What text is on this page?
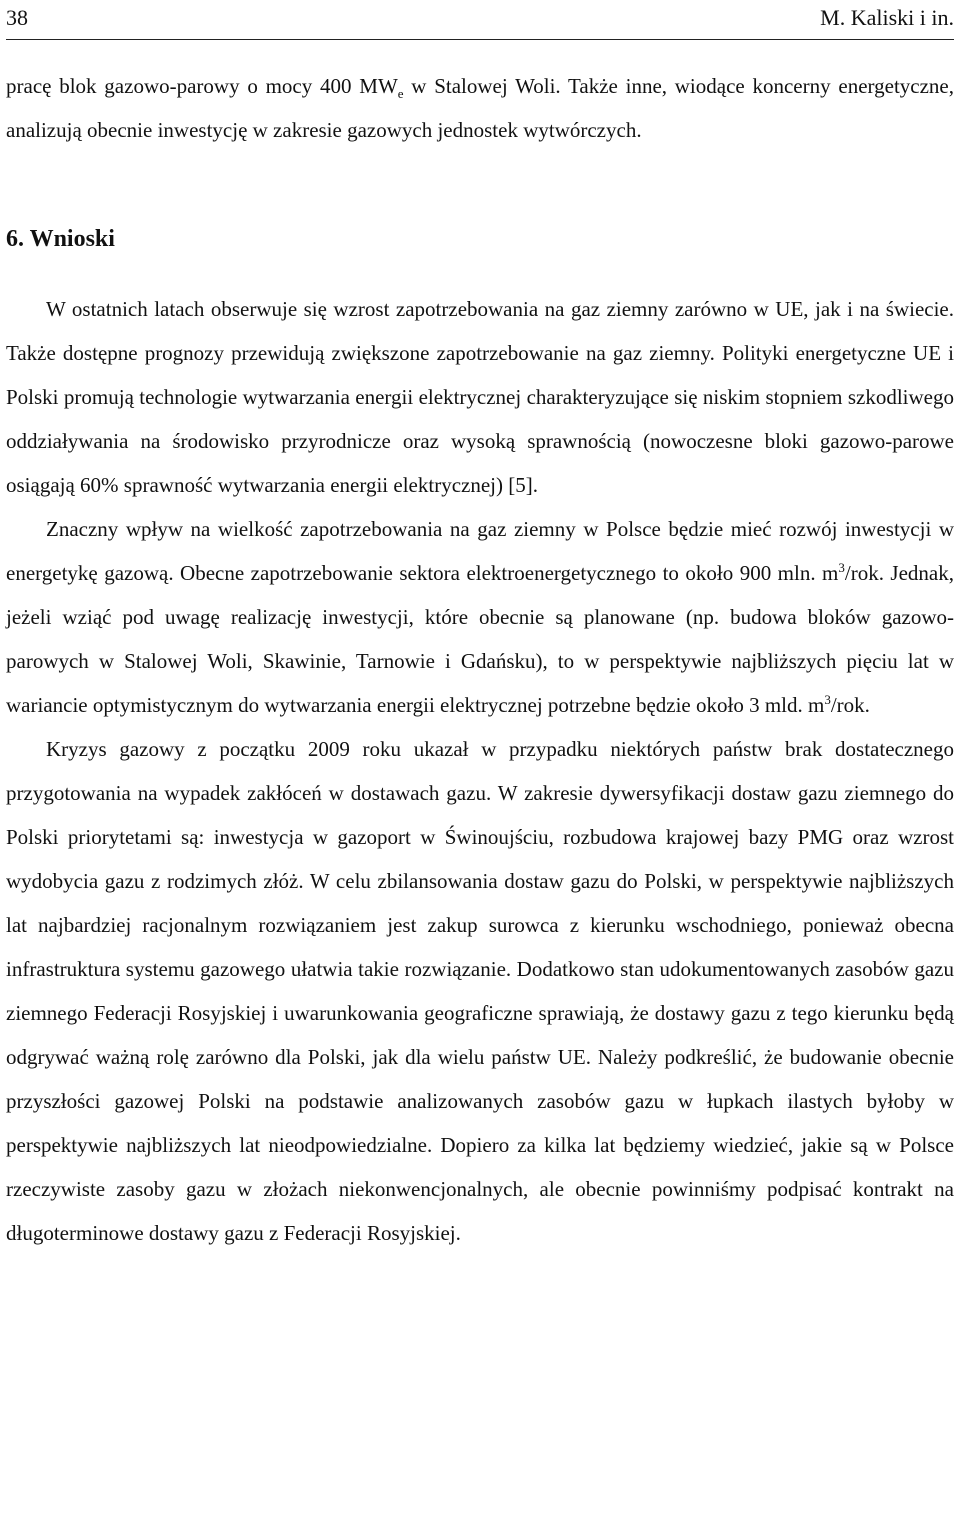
38	M. Kaliski i in.

pracę blok gazowo-parowy o mocy 400 $MW_e$ w Stalowej Woli. Także inne, wiodące koncerny energetyczne, analizują obecnie inwestycję w zakresie gazowych jednostek wytwórczych.

6. Wnioski

W ostatnich latach obserwuje się wzrost zapotrzebowania na gaz ziemny zarówno w UE, jak i na świecie. Także dostępne prognozy przewidują zwiększone zapotrzebowanie na gaz ziemny. Polityki energetyczne UE i Polski promują technologie wytwarzania energii elektrycznej charakteryzujące się niskim stopniem szkodliwego oddziaływania na środowisko przyrodnicze oraz wysoką sprawnością (nowoczesne bloki gazowo-parowe osiągają 60% sprawność wytwarzania energii elektrycznej) [5].

Znaczny wpływ na wielkość zapotrzebowania na gaz ziemny w Polsce będzie mieć rozwój inwestycji w energetykę gazową. Obecne zapotrzebowanie sektora elektroenergetycznego to około 900 mln. $m^3$/rok. Jednak, jeżeli wziąć pod uwagę realizację inwestycji, które obecnie są planowane (np. budowa bloków gazowo-parowych w Stalowej Woli, Skawinie, Tarnowie i Gdańsku), to w perspektywie najbliższych pięciu lat w wariancie optymistycznym do wytwarzania energii elektrycznej potrzebne będzie około 3 mld. $m^3$/rok.

Kryzys gazowy z początku 2009 roku ukazał w przypadku niektórych państw brak dostatecznego przygotowania na wypadek zakłóceń w dostawach gazu. W zakresie dywersyfikacji dostaw gazu ziemnego do Polski priorytetami są: inwestycja w gazoport w Świnoujściu, rozbudowa krajowej bazy PMG oraz wzrost wydobycia gazu z rodzimych złóż. W celu zbilansowania dostaw gazu do Polski, w perspektywie najbliższych lat najbardziej racjonalnym rozwiązaniem jest zakup surowca z kierunku wschodniego, ponieważ obecna infrastruktura systemu gazowego ułatwia takie rozwiązanie. Dodatkowo stan udokumentowanych zasobów gazu ziemnego Federacji Rosyjskiej i uwarunkowania geograficzne sprawiają, że dostawy gazu z tego kierunku będą odgrywać ważną rolę zarówno dla Polski, jak dla wielu państw UE. Należy podkreślić, że budowanie obecnie przyszłości gazowej Polski na podstawie analizowanych zasobów gazu w łupkach ilastych byłoby w perspektywie najbliższych lat nieodpowiedzialne. Dopiero za kilka lat będziemy wiedzieć, jakie są w Polsce rzeczywiste zasoby gazu w złożach niekonwencjonalnych, ale obecnie powinniśmy podpisać kontrakt na długoterminowe dostawy gazu z Federacji Rosyjskiej.
